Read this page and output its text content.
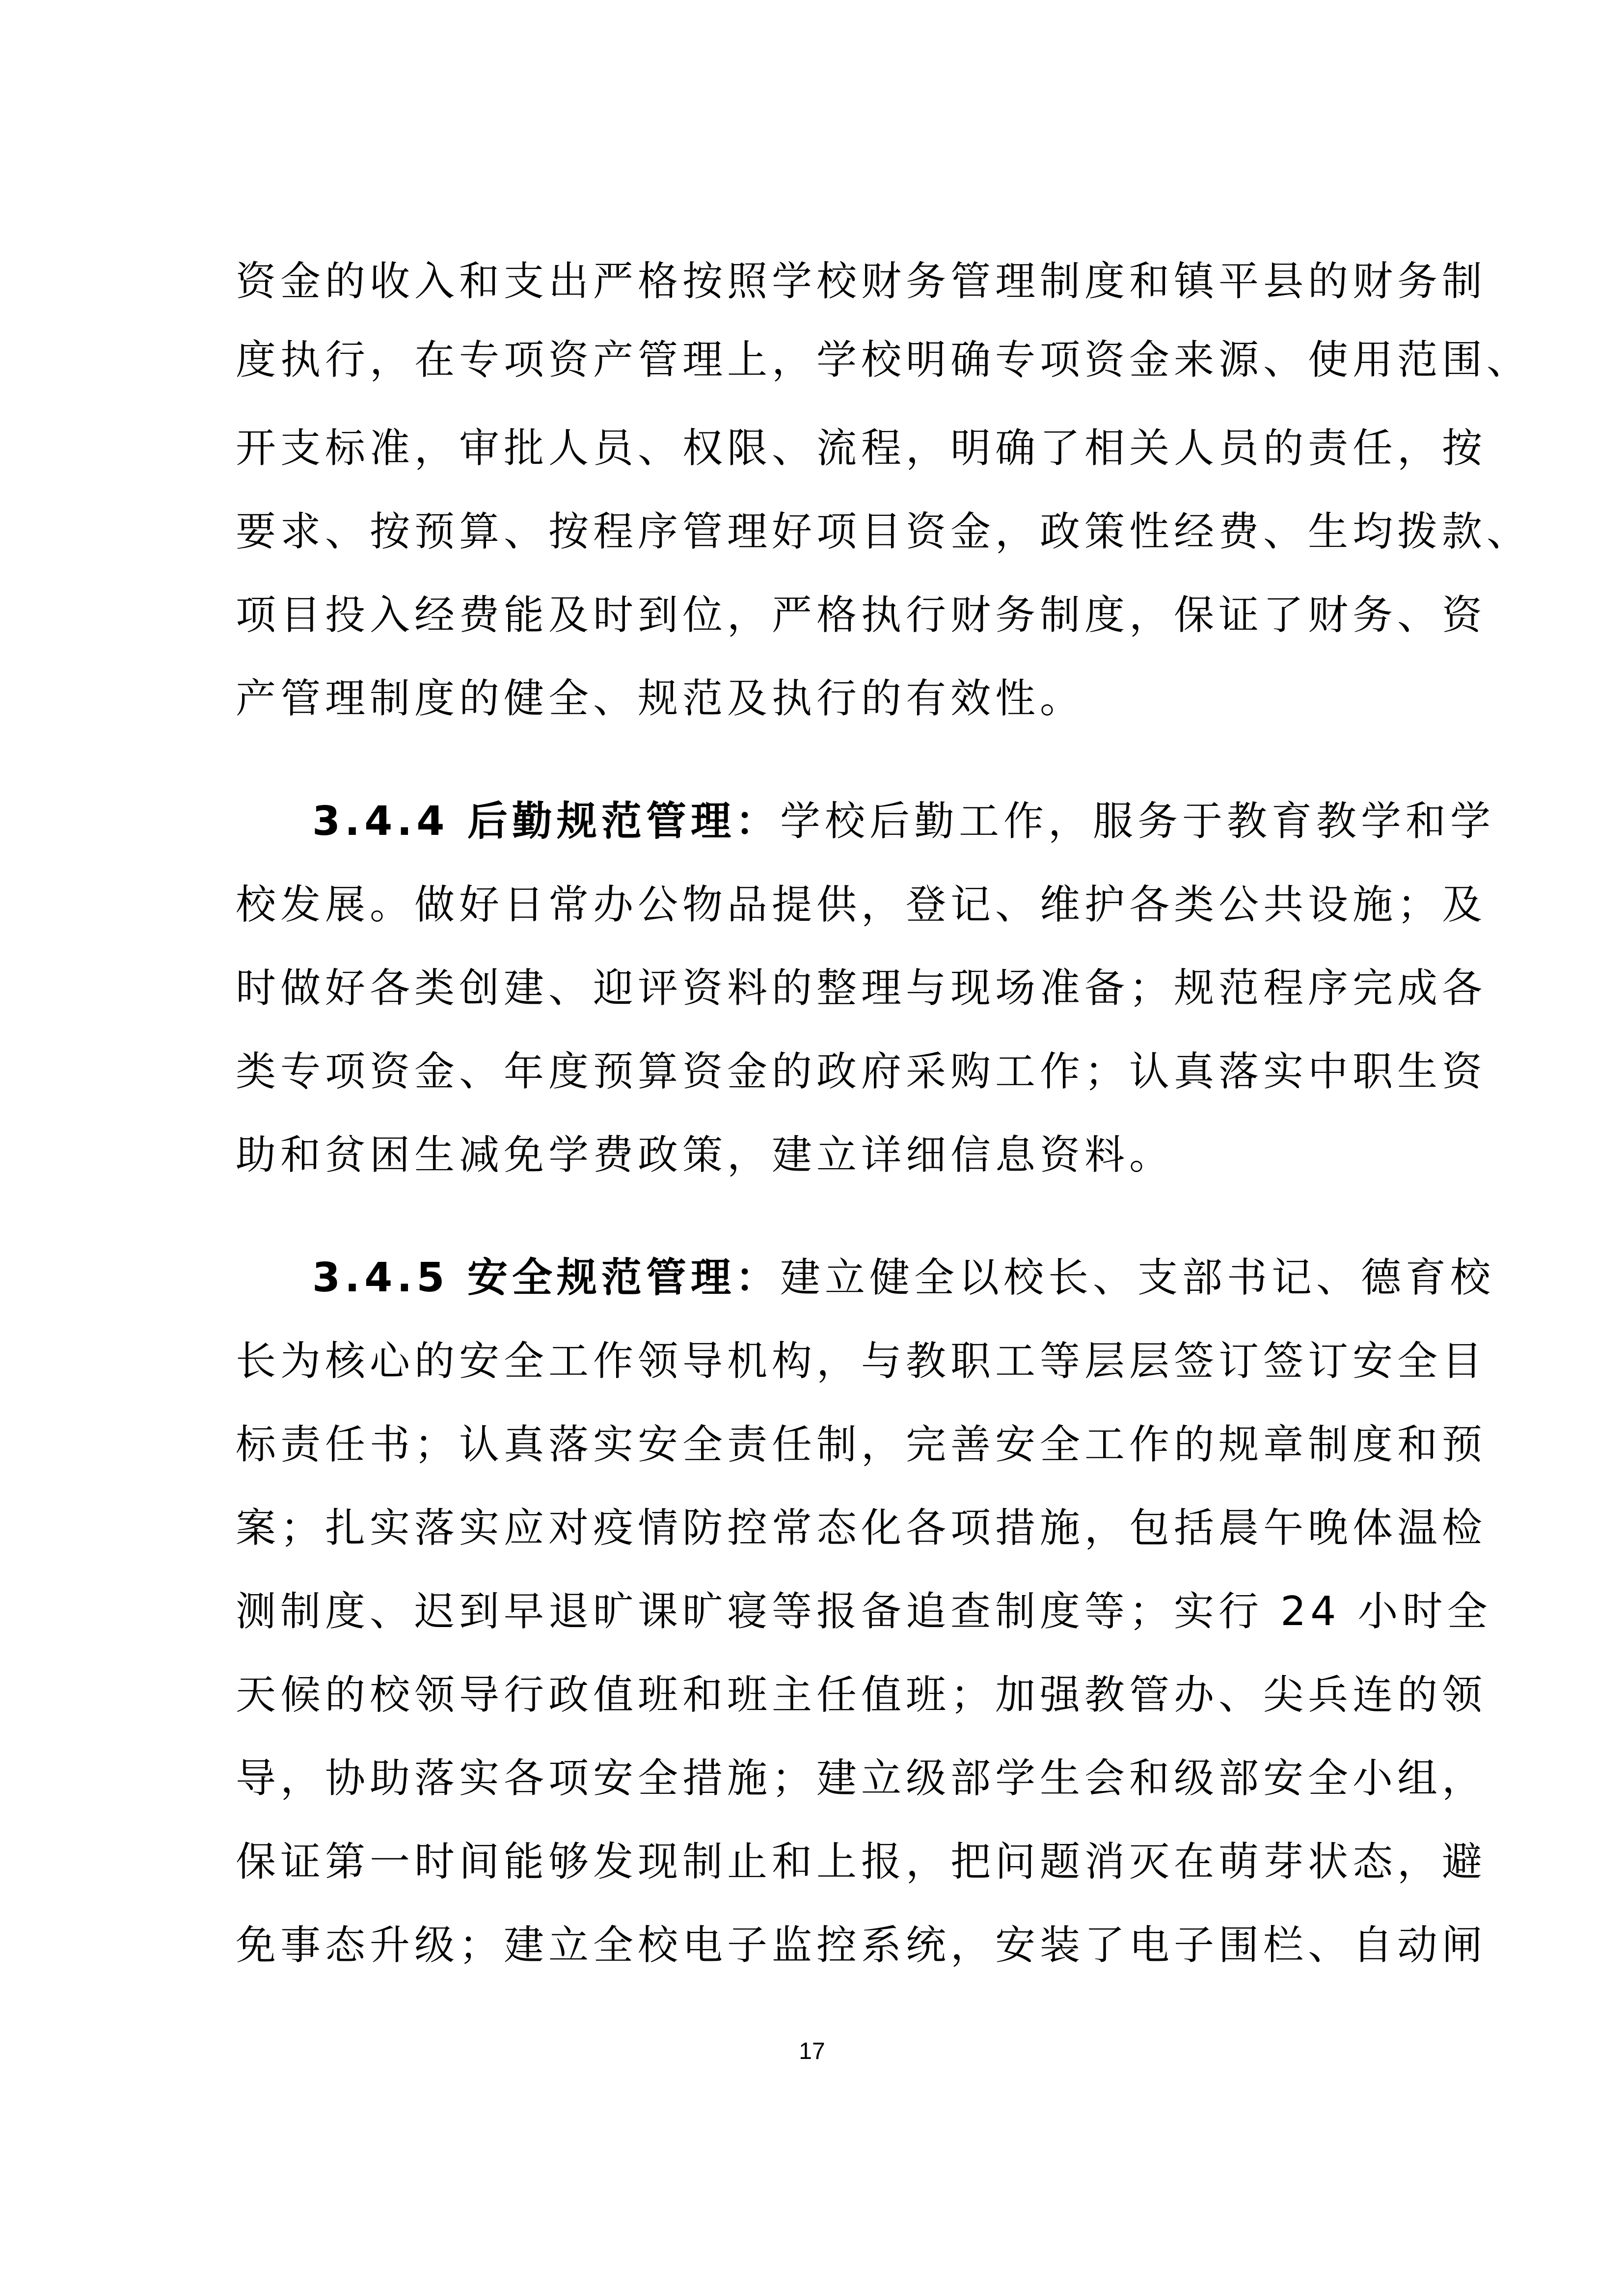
资金的收入和支出严格按照学校财务管理制度和镇平县的财务制
度执行，在专项资产管理上，学校明确专项资金来源、使用范围、
开支标准，审批人员、权限、流程，明确了相关人员的责任，按
要求、按预算、按程序管理好项目资金，政策性经费、生均拨款、
项目投入经费能及时到位，严格执行财务制度，保证了财务、资
产管理制度的健全、规范及执行的有效性。
3.4.4 后勤规范管理：学校后勤工作，服务于教育教学和学
校发展。做好日常办公物品提供，登记、维护各类公共设施；及
时做好各类创建、迎评资料的整理与现场准备；规范程序完成各
类专项资金、年度预算资金的政府采购工作；认真落实中职生资
助和贫困生减免学费政策，建立详细信息资料。
3.4.5 安全规范管理：建立健全以校长、支部书记、德育校
长为核心的安全工作领导机构，与教职工等层层签订签订安全目
标责任书；认真落实安全责任制，完善安全工作的规章制度和预
案；扎实落实应对疫情防控常态化各项措施，包括晨午晚体温检
测制度、迟到早退旷课旷寝等报备追查制度等；实行 24 小时全
天候的校领导行政值班和班主任值班；加强教管办、尖兵连的领
导，协助落实各项安全措施；建立级部学生会和级部安全小组，
保证第一时间能够发现制止和上报，把问题消灭在萌芽状态，避
免事态升级；建立全校电子监控系统，安装了电子围栏、自动闸
17
